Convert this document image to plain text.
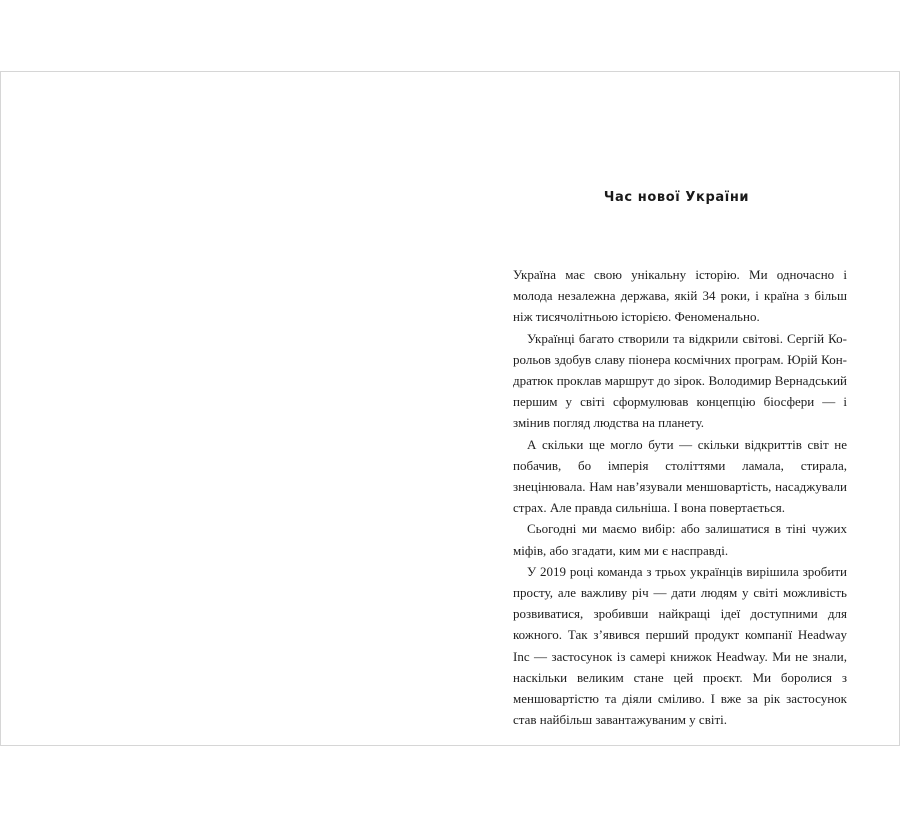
Час нової України

Україна має свою унікальну історію. Ми одночасно і молода незалежна держава, якій 34 роки, і країна з більш ніж тисячолітньою історією. Феноменально.

Українці багато створили та відкрили світові. Сергій Корольов здобув славу піонера космічних програм. Юрій Кондратюк проклав маршрут до зірок. Володимир Вернадський першим у світі сформулював концепцію біосфери — і змінив погляд людства на планету.

А скільки ще могло бути — скільки відкриттів світ не побачив, бо імперія століттями ламала, стирала, знецінювала. Нам нав’язували меншовартість, насаджували страх. Але правда сильніша. І вона повертається.

Сьогодні ми маємо вибір: або залишатися в тіні чужих міфів, або згадати, ким ми є насправді.

У 2019 році команда з трьох українців вирішила зробити просту, але важливу річ — дати людям у світі можливість розвиватися, зробивши найкращі ідеї доступними для кожного. Так з’явився перший продукт компанії Headway Inc — застосунок із самері книжок Headway. Ми не знали, наскільки великим стане цей проєкт. Ми боролися з меншовартістю та діяли сміливо. І вже за рік застосунок став найбільш завантажуваним у світі.
